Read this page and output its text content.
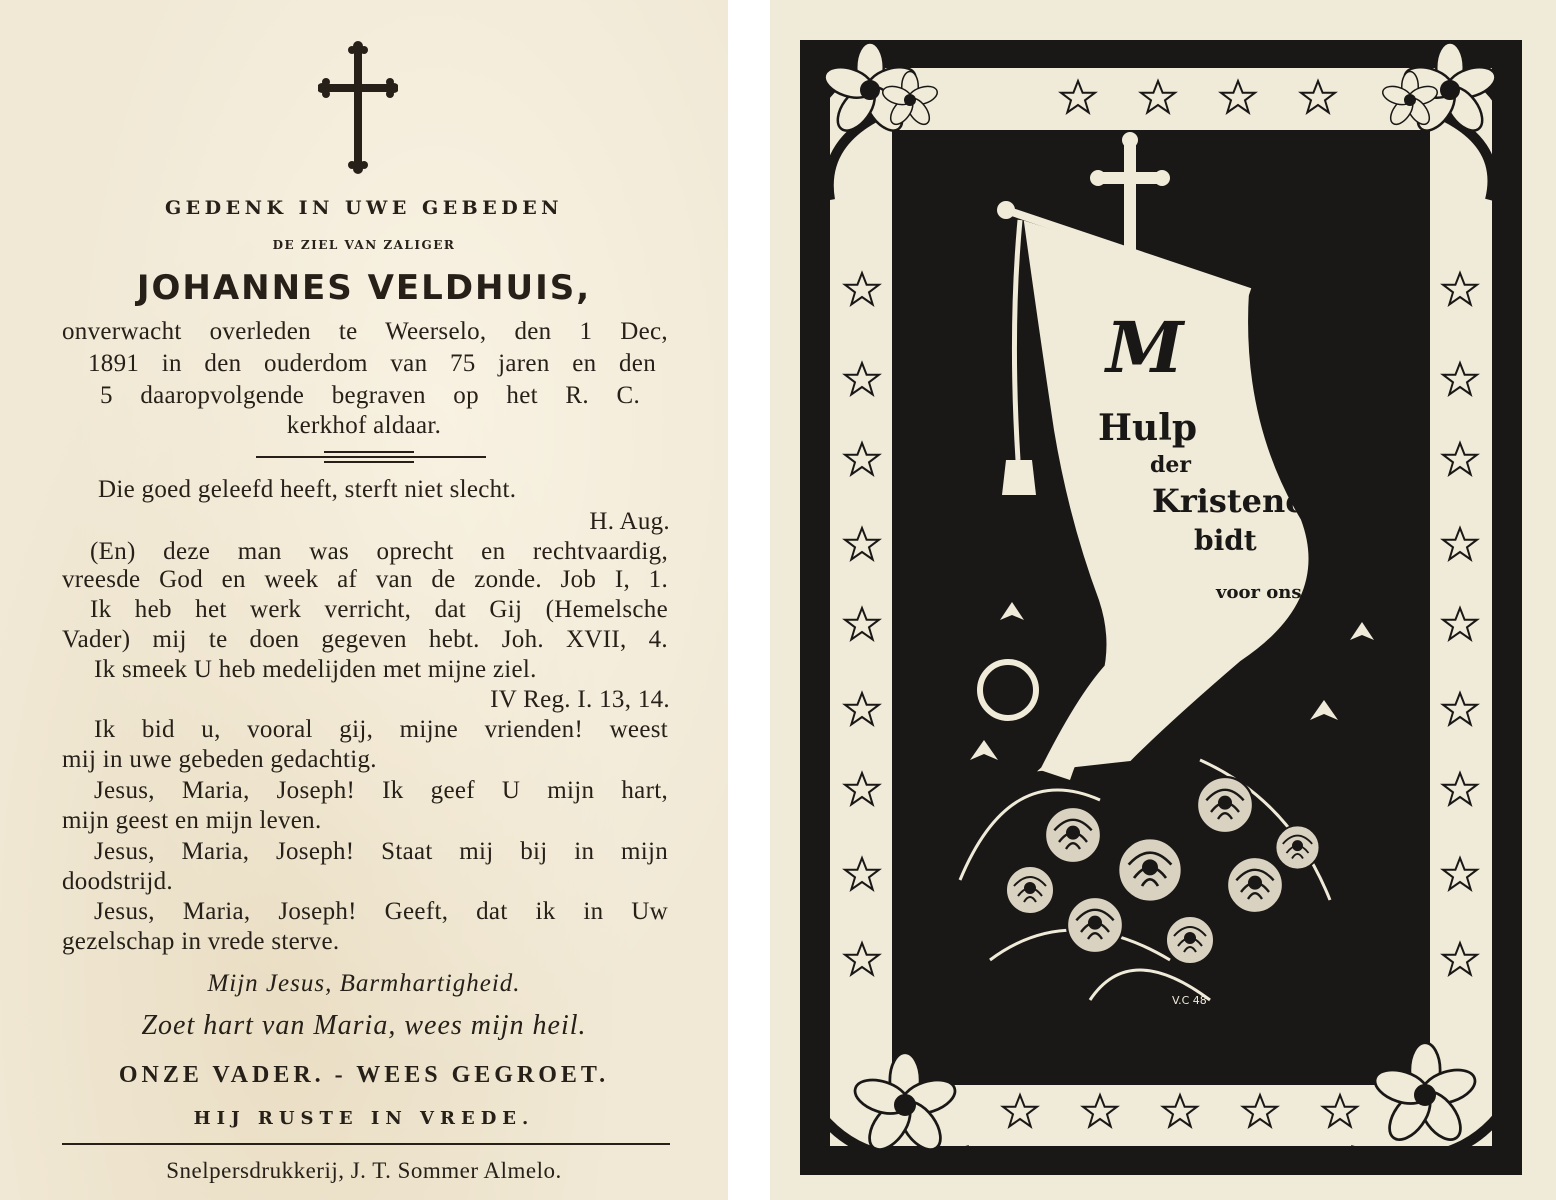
GEDENK IN UWE GEBEDEN
DE ZIEL VAN ZALIGER
JOHANNES VELDHUIS,
onverwacht overleden te Weerselo, den 1 Dec,
1891 in den ouderdom van 75 jaren en den
5 daaropvolgende begraven op het R. C.
kerkhof aldaar.
Die goed geleefd heeft, sterft niet slecht.
H. Aug.
(En) deze man was oprecht en rechtvaardig,
vreesde God en week af van de zonde. Job I, 1.
Ik heb het werk verricht, dat Gij (Hemelsche
Vader) mij te doen gegeven hebt. Joh. XVII, 4.
Ik smeek U heb medelijden met mijne ziel.
IV Reg. I. 13, 14.
Ik bid u, vooral gij, mijne vrienden! weest
mij in uwe gebeden gedachtig.
Jesus, Maria, Joseph! Ik geef U mijn hart,
mijn geest en mijn leven.
Jesus, Maria, Joseph! Staat mij bij in mijn
doodstrijd.
Jesus, Maria, Joseph! Geeft, dat ik in Uw
gezelschap in vrede sterve.
Mijn Jesus, Barmhartigheid.
Zoet hart van Maria, wees mijn heil.
ONZE VADER. - WEES GEGROET.
HIJ RUSTE IN VREDE.
Snelpersdrukkerij, J. T. Sommer Almelo.
M
Hulp
der
Kristenen
bidt
voor ons
V.C 48
